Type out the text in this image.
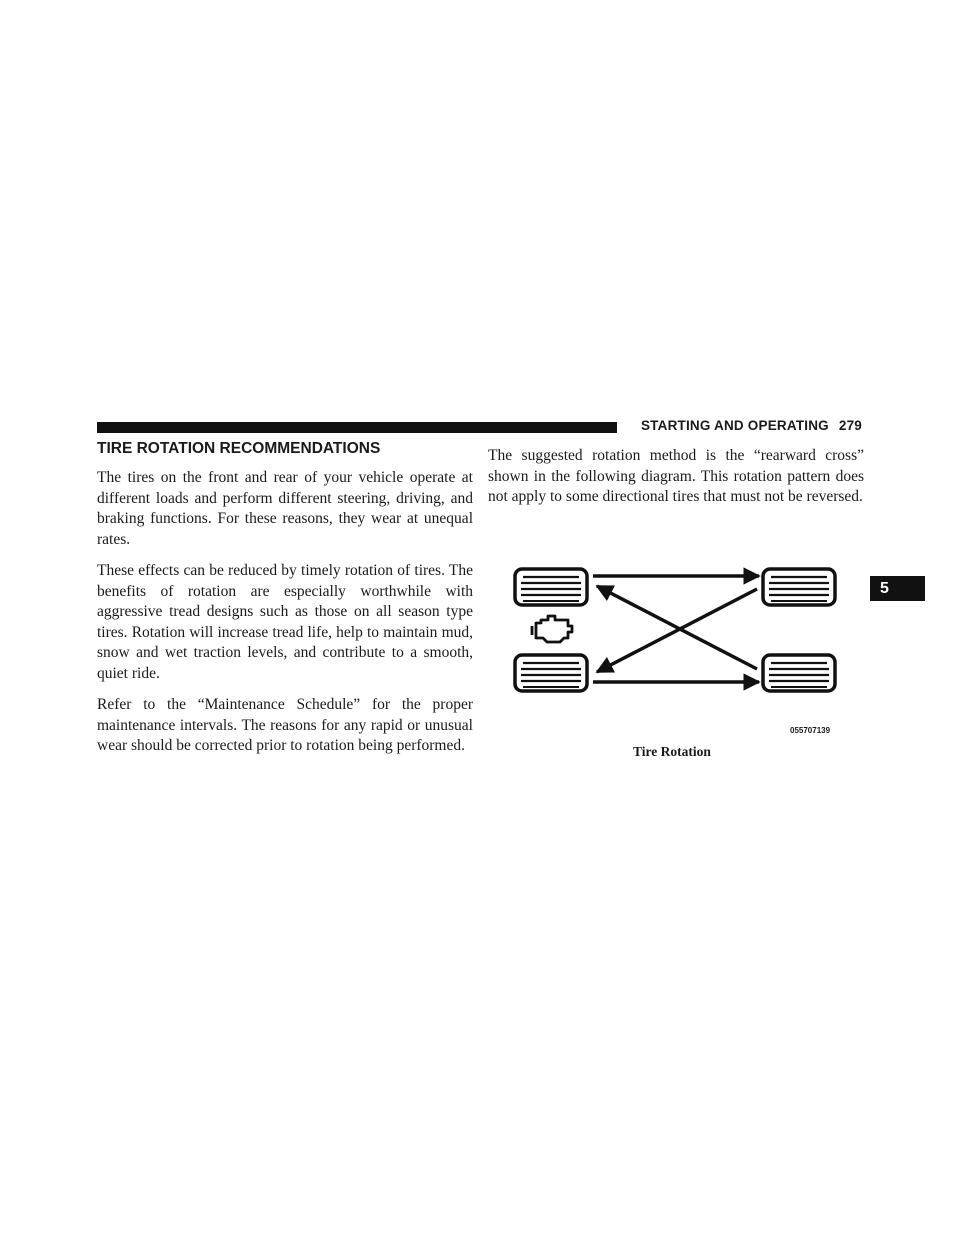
STARTING AND OPERATING 279
TIRE ROTATION RECOMMENDATIONS

The tires on the front and rear of your vehicle operate at different loads and perform different steering, driving, and braking functions. For these reasons, they wear at unequal rates.

These effects can be reduced by timely rotation of tires. The benefits of rotation are especially worthwhile with aggressive tread designs such as those on all season type tires. Rotation will increase tread life, help to maintain mud, snow and wet traction levels, and contribute to a smooth, quiet ride.

Refer to the “Maintenance Schedule” for the proper maintenance intervals. The reasons for any rapid or unusual wear should be corrected prior to rotation being performed.

The suggested rotation method is the “rearward cross” shown in the following diagram. This rotation pattern does not apply to some directional tires that must not be reversed.

5
055707139
Tire Rotation
